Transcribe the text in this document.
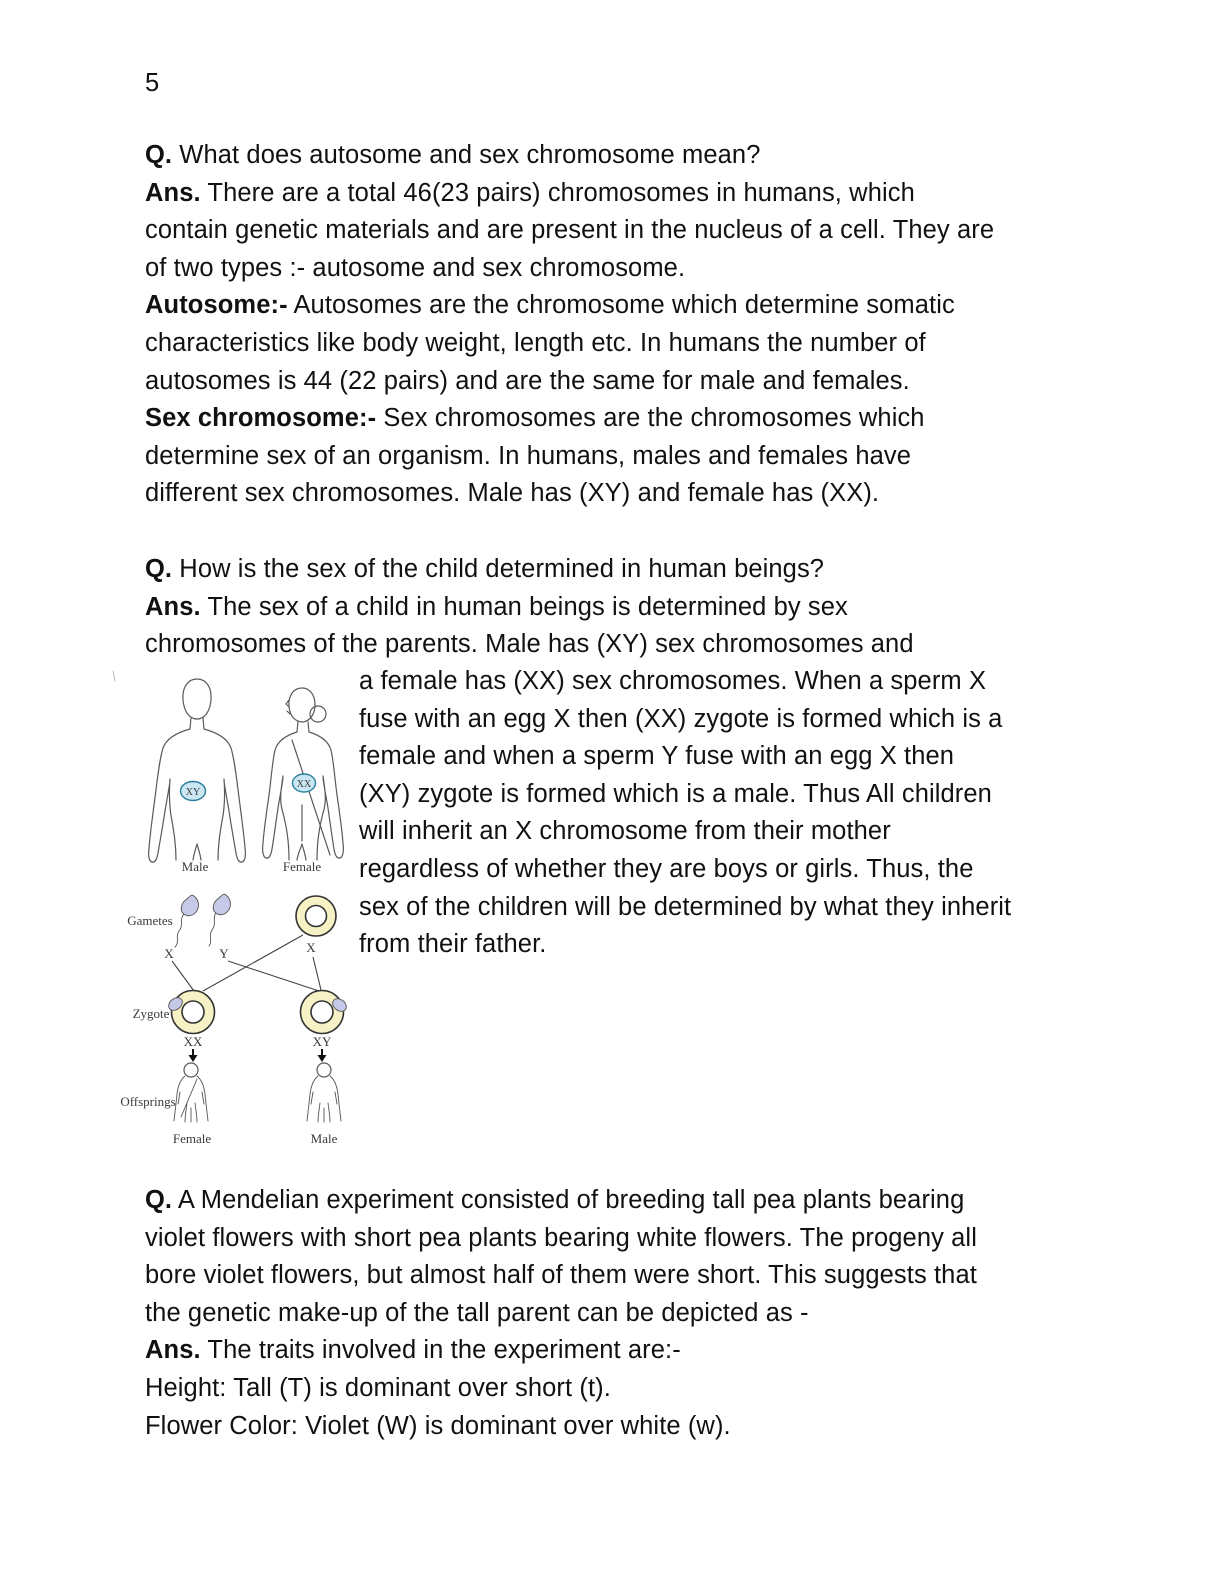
5
Q. What does autosome and sex chromosome mean?
Ans. There are a total 46(23 pairs) chromosomes in humans, which
contain genetic materials and are present in the nucleus of a cell. They are
of two types :- autosome and sex chromosome.
Autosome:- Autosomes are the chromosome which determine somatic
characteristics like body weight, length etc. In humans the number of
autosomes is 44 (22 pairs) and are the same for male and females.
Sex chromosome:- Sex chromosomes are the chromosomes which
determine sex of an organism. In humans, males and females have
different sex chromosomes. Male has (XY) and female has (XX).
Q. How is the sex of the child determined in human beings?
Ans. The sex of a child in human beings is determined by sex
chromosomes of the parents. Male has (XY) sex chromosomes and
a female has (XX) sex chromosomes. When a sperm X
fuse with an egg X then (XX) zygote is formed which is a
female and when a sperm Y fuse with an egg X then
(XY) zygote is formed which is a male. Thus All children
will inherit an X chromosome from their mother
regardless of whether they are boys or girls. Thus, the
sex of the children will be determined by what they inherit
from their father.
Q. A Mendelian experiment consisted of breeding tall pea plants bearing
violet flowers with short pea plants bearing white flowers. The progeny all
bore violet flowers, but almost half of them were short. This suggests that
the genetic make-up of the tall parent can be depicted as -
Ans. The traits involved in the experiment are:-
Height: Tall (T) is dominant over short (t).
Flower Color: Violet (W) is dominant over white (w).
XY
Male
XX
Female
Gametes
X	Y	X
Zygote
XX	XY
Offsprings
Female	Male
